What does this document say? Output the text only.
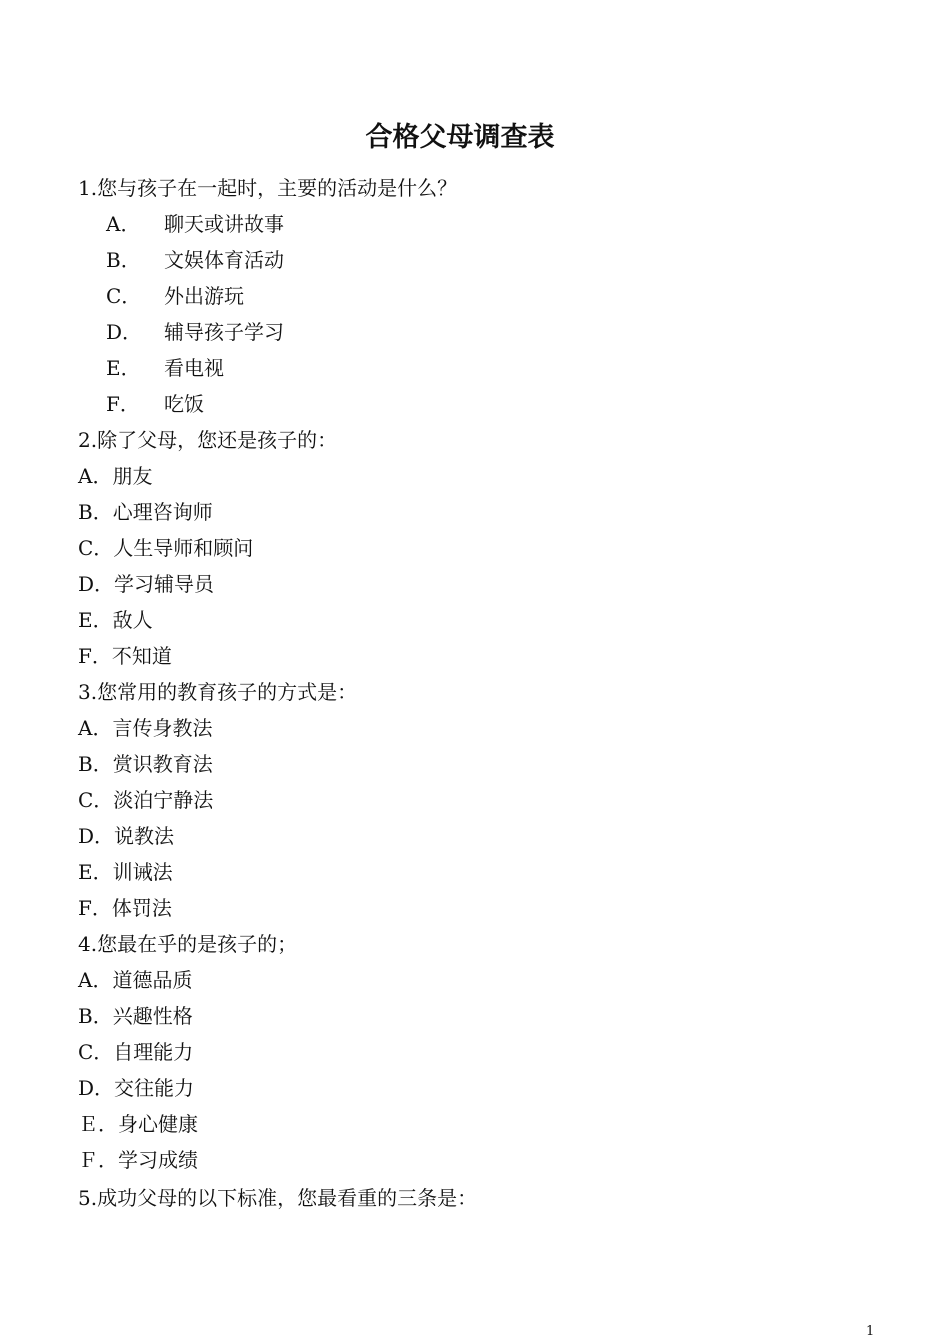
合格父母调查表
1.您与孩子在一起时，主要的活动是什么？
A． 聊天或讲故事
B． 文娱体育活动
C． 外出游玩
D． 辅导孩子学习
E． 看电视
F． 吃饭
2.除了父母，您还是孩子的：
A．朋友
B．心理咨询师
C．人生导师和顾问
D．学习辅导员
E．敌人
F．不知道
3.您常用的教育孩子的方式是：
A．言传身教法
B．赏识教育法
C．淡泊宁静法
D．说教法
E．训诫法
F．体罚法
4.您最在乎的是孩子的；
A．道德品质
B．兴趣性格
C．自理能力
D．交往能力
Ｅ．身心健康
Ｆ．学习成绩
5.成功父母的以下标准，您最看重的三条是：
1
